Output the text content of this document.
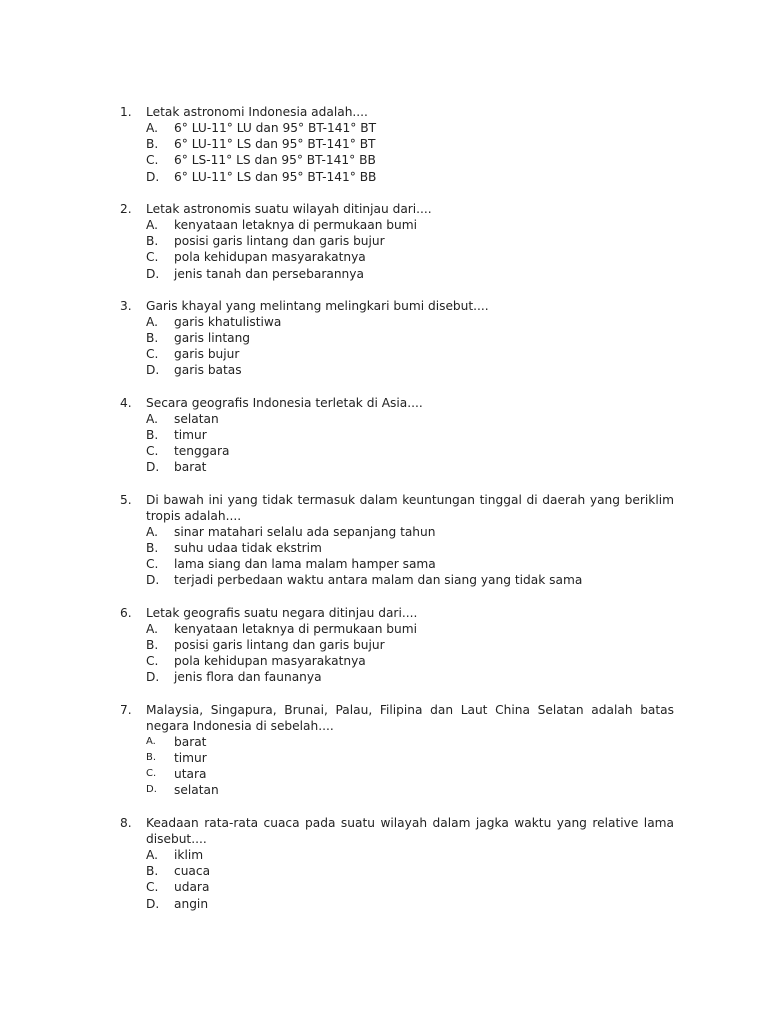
1.	Letak astronomi Indonesia adalah....
A.	6° LU-11° LU dan 95° BT-141° BT
B.	6° LU-11° LS dan 95° BT-141° BT
C.	6° LS-11° LS dan 95° BT-141° BB
D.	6° LU-11° LS dan 95° BT-141° BB
2.	Letak astronomis suatu wilayah ditinjau dari....
A.	kenyataan letaknya di permukaan bumi
B.	posisi garis lintang dan garis bujur
C.	pola kehidupan masyarakatnya
D.	jenis tanah dan persebarannya
3.	Garis khayal yang melintang melingkari bumi disebut....
A.	garis khatulistiwa
B.	garis lintang
C.	garis bujur
D.	garis batas
4.	Secara geografis Indonesia terletak di Asia....
A.	selatan
B.	timur
C.	tenggara
D.	barat
5.	Di bawah ini yang tidak termasuk dalam keuntungan tinggal di daerah yang beriklim tropis adalah....
A.	sinar matahari selalu ada sepanjang tahun
B.	suhu udaa tidak ekstrim
C.	lama siang dan lama malam hamper sama
D.	terjadi perbedaan waktu antara malam dan siang yang tidak sama
6.	Letak geografis suatu negara ditinjau dari....
A.	kenyataan letaknya di permukaan bumi
B.	posisi garis lintang dan garis bujur
C.	pola kehidupan masyarakatnya
D.	jenis flora dan faunanya
7.	Malaysia, Singapura, Brunai, Palau, Filipina dan Laut China Selatan adalah batas negara Indonesia di sebelah....
A.	barat
B.	timur
C.	utara
D.	selatan
8.	Keadaan rata-rata cuaca pada suatu wilayah dalam jagka waktu yang relative lama disebut....
A.	iklim
B.	cuaca
C.	udara
D.	angin
